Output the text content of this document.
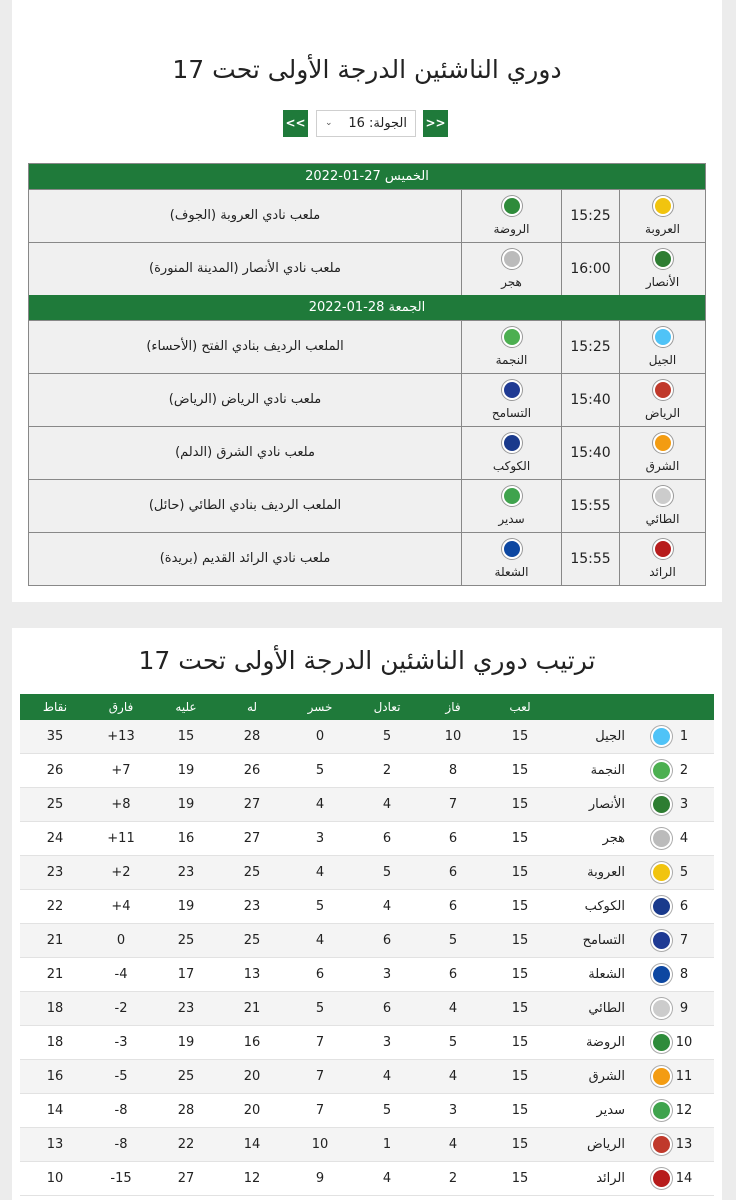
دوري الناشئين الدرجة الأولى تحت 17
<<	الجولة: 16
⌄	>>
الخميس 27-01-2022
العروبة
15:25
الروضة
ملعب نادي العروبة (الجوف)
الأنصار
16:00
هجر
ملعب نادي الأنصار (المدينة المنورة)
الجمعة 28-01-2022
الجيل
15:25
النجمة
الملعب الرديف بنادي الفتح (الأحساء)
الرياض
15:40
التسامح
ملعب نادي الرياض (الرياض)
الشرق
15:40
الكوكب
ملعب نادي الشرق (الدلم)
الطائي
15:55
سدير
الملعب الرديف بنادي الطائي (حائل)
الرائد
15:55
الشعلة
ملعب نادي الرائد القديم (بريدة)
ترتيب دوري الناشئين الدرجة الأولى تحت 17
لعب
فاز
تعادل
خسر
له
عليه
فارق
نقاط
1
الجيل
15
10
5
0
28
15
+13
35
2
النجمة
15
8
2
5
26
19
+7
26
3
الأنصار
15
7
4
4
27
19
+8
25
4
هجر
15
6
6
3
27
16
+11
24
5
العروبة
15
6
5
4
25
23
+2
23
6
الكوكب
15
6
4
5
23
19
+4
22
7
التسامح
15
5
6
4
25
25
0
21
8
الشعلة
15
6
3
6
13
17
-4
21
9
الطائي
15
4
6
5
21
23
-2
18
10
الروضة
15
5
3
7
16
19
-3
18
11
الشرق
15
4
4
7
20
25
-5
16
12
سدير
15
3
5
7
20
28
-8
14
13
الرياض
15
4
1
10
14
22
-8
13
14
الرائد
15
2
4
9
12
27
-15
10
